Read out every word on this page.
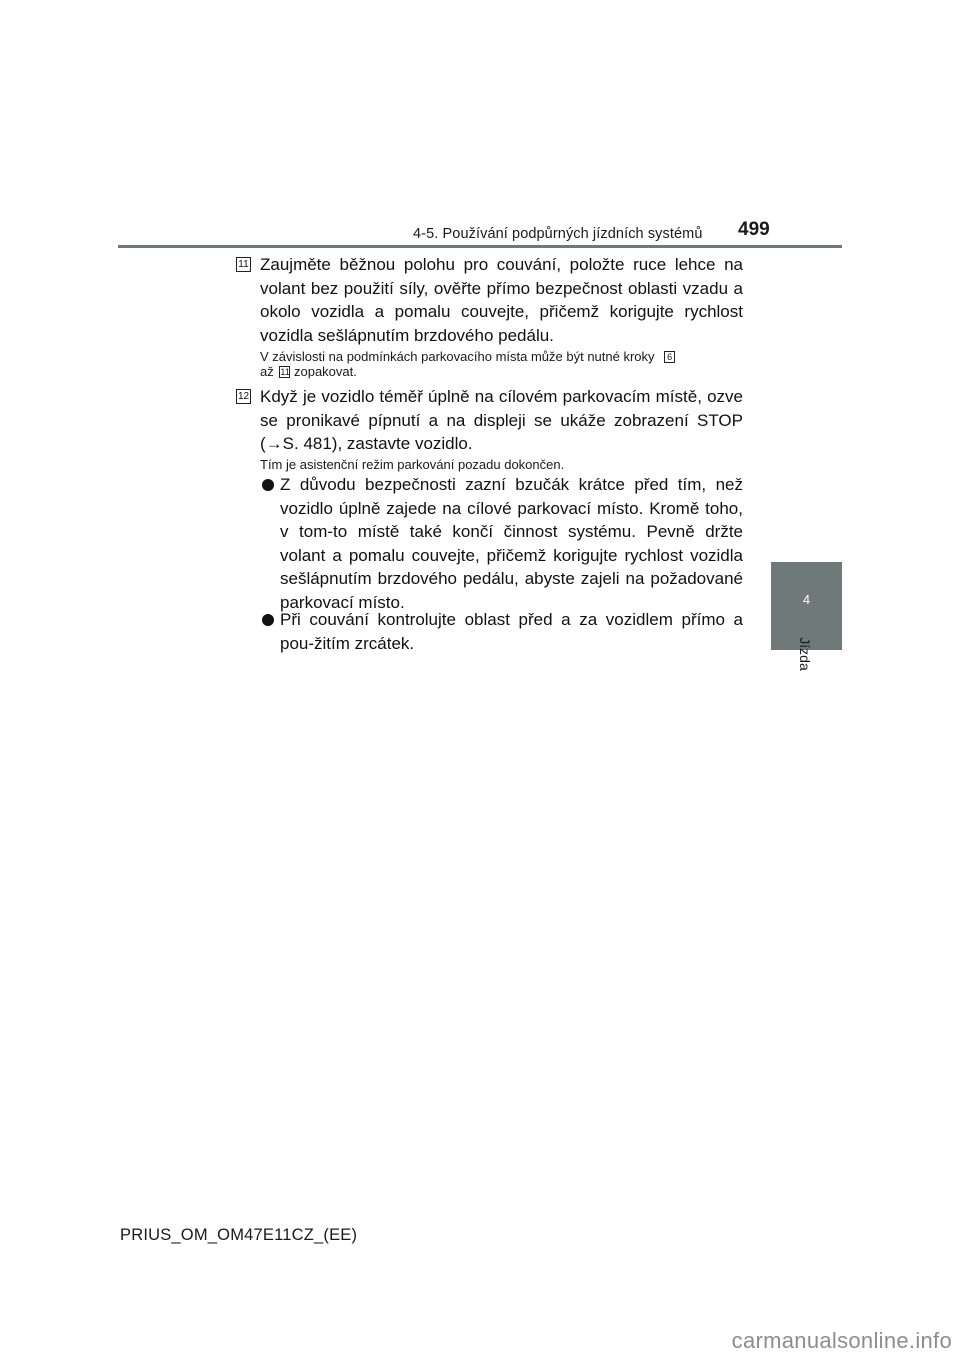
4-5. Používání podpůrných jízdních systémů 499
4
Jízda
11 Zaujměte běžnou polohu pro couvání, položte ruce lehce na volant bez použití síly, ověřte přímo bezpečnost oblasti vzadu a okolo vozidla a pomalu couvejte, přičemž korigujte rychlost vozidla sešlápnutím brzdového pedálu.
V závislosti na podmínkách parkovacího místa může být nutné kroky 6
až 11 zopakovat.
12 Když je vozidlo téměř úplně na cílovém parkovacím místě, ozve se pronikavé pípnutí a na displeji se ukáže zobrazení STOP (→S. 481), zastavte vozidlo.
Tím je asistenční režim parkování pozadu dokončen.
Z důvodu bezpečnosti zazní bzučák krátce před tím, než vozidlo úplně zajede na cílové parkovací místo. Kromě toho, v tom-to místě také končí činnost systému. Pevně držte volant a pomalu couvejte, přičemž korigujte rychlost vozidla sešlápnutím brzdového pedálu, abyste zajeli na požadované parkovací místo.
Při couvání kontrolujte oblast před a za vozidlem přímo a pou-žitím zrcátek.
PRIUS_OM_OM47E11CZ_(EE)
carmanualsonline.info
